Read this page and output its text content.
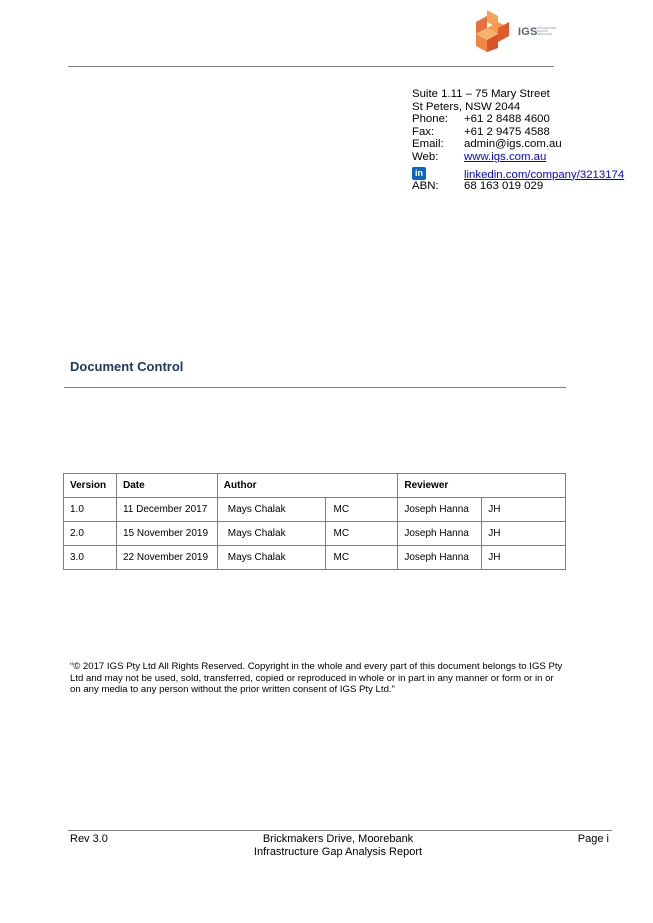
IGS INTEGRATED GROUP SERVICES
Suite 1.11 – 75 Mary Street
St Peters, NSW 2044
Phone:	+61 2 8488 4600
Fax:	+61 2 9475 4588
Email:	admin@igs.com.au
Web:	www.igs.com.au
in	linkedin.com/company/3213174
ABN:	68 163 019 029
Document Control
Version	Date	Author		Reviewer	
1.0	11 December 2017	Mays Chalak	MC	Joseph Hanna	JH
2.0	15 November 2019	Mays Chalak	MC	Joseph Hanna	JH
3.0	22 November 2019	Mays Chalak	MC	Joseph Hanna	JH
“© 2017 IGS Pty Ltd All Rights Reserved. Copyright in the whole and every part of this document belongs to IGS Pty Ltd and may not be used, sold, transferred, copied or reproduced in whole or in part in any manner or form or in or on any media to any person without the prior written consent of IGS Pty Ltd.”
Rev 3.0	Brickmakers Drive, Moorebank
Infrastructure Gap Analysis Report
Page i
